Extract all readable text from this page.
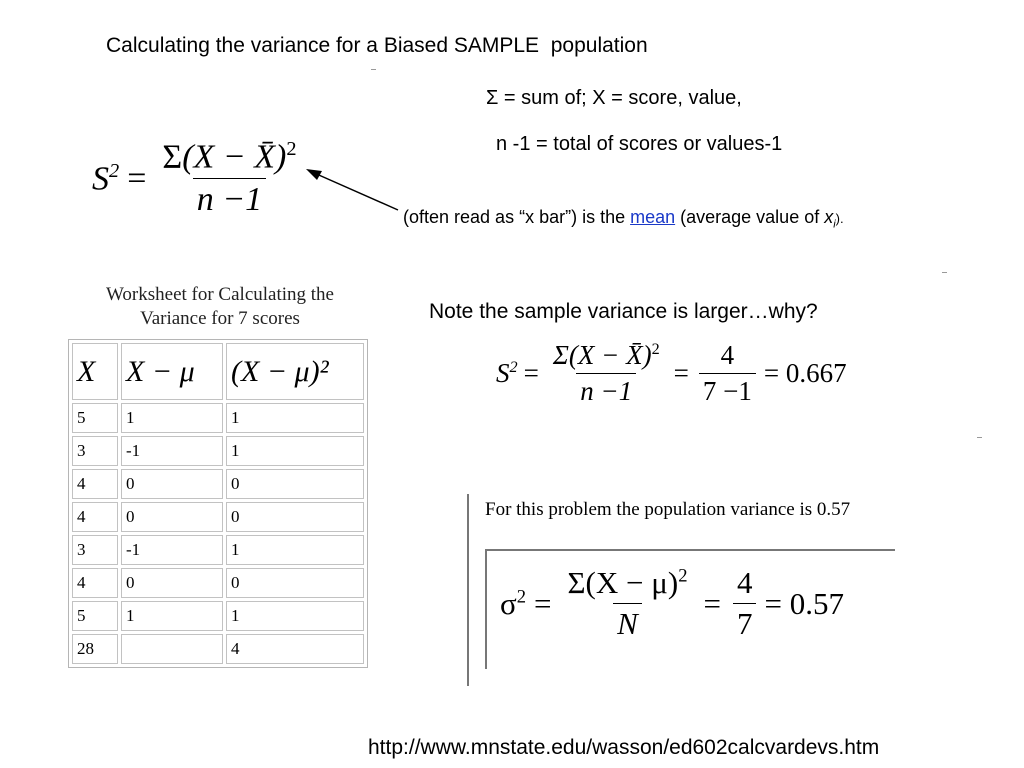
Calculating the variance for a Biased SAMPLE  population
Σ = sum of; X = score, value,
n -1 = total of scores or values-1
$S^2 = \frac{\Sigma(X - X̄)^2}{n -1}$	(often read as “x bar”) is the mean (average value of $x_i$).
Worksheet for Calculating the
Variance for 7 scores
X	X − μ	(X − μ)²
5	1	1
3	-1	1
4	0	0
4	0	0
3	-1	1
4	0	0
5	1	1
28		4
Note the sample variance is larger…why?
$S^2 = \frac{\Sigma(X - X̄)^2}{n -1} = \frac{4}{7 -1} = 0.667$
For this problem the population variance is 0.57
$\sigma^2 = \frac{\Sigma(X - \mu)^2}{N} = \frac{4}{7} = 0.57$
http://www.mnstate.edu/wasson/ed602calcvardevs.htm
